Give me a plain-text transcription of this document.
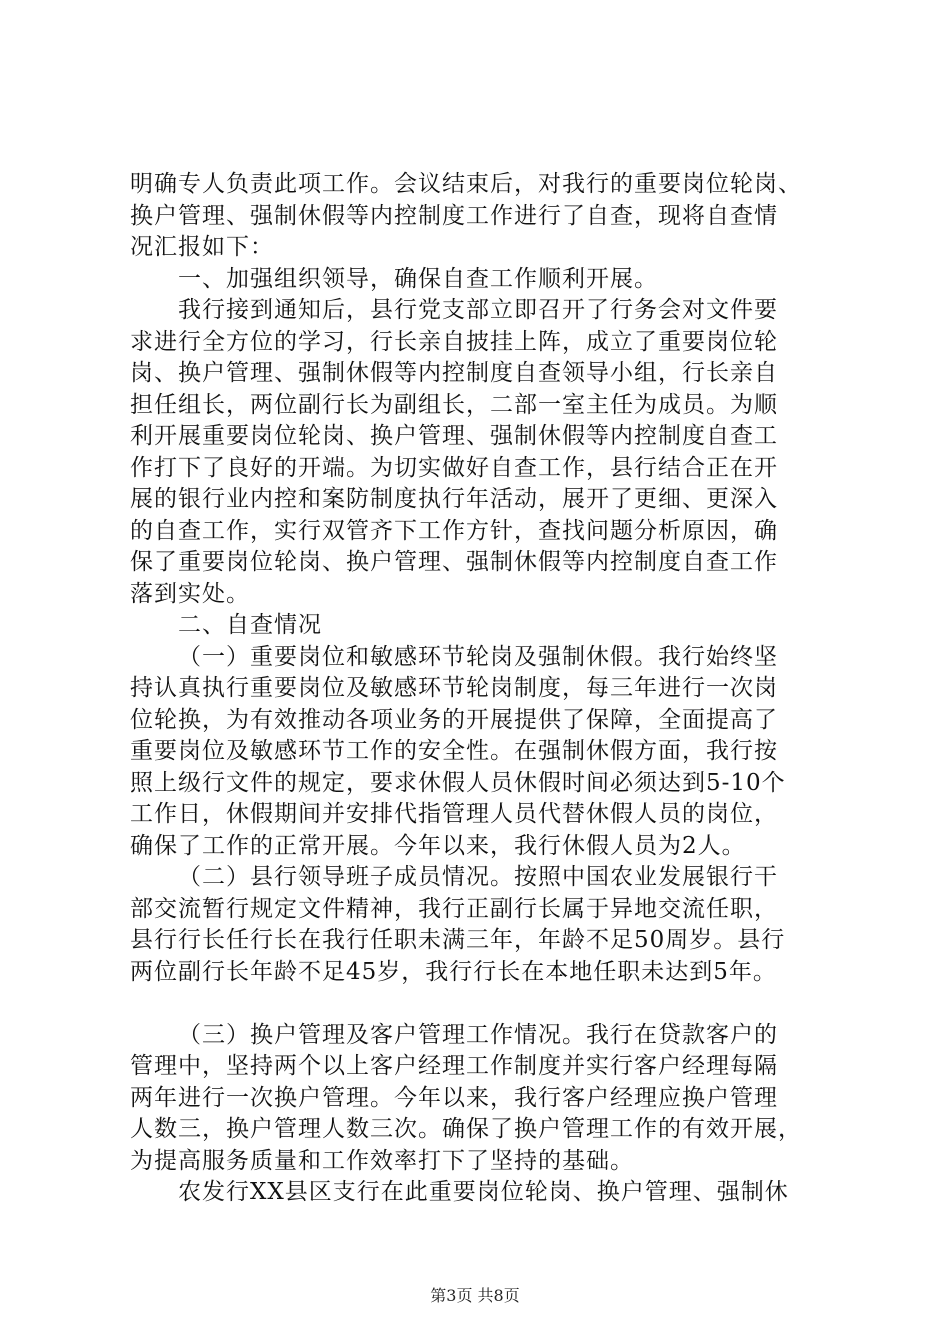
明确专人负责此项工作。会议结束后，对我行的重要岗位轮岗、
换户管理、强制休假等内控制度工作进行了自查，现将自查情
况汇报如下：
一、加强组织领导，确保自查工作顺利开展。
我行接到通知后，县行党支部立即召开了行务会对文件要
求进行全方位的学习，行长亲自披挂上阵，成立了重要岗位轮
岗、换户管理、强制休假等内控制度自查领导小组，行长亲自
担任组长，两位副行长为副组长，二部一室主任为成员。为顺
利开展重要岗位轮岗、换户管理、强制休假等内控制度自查工
作打下了良好的开端。为切实做好自查工作，县行结合正在开
展的银行业内控和案防制度执行年活动，展开了更细、更深入
的自查工作，实行双管齐下工作方针，查找问题分析原因，确
保了重要岗位轮岗、换户管理、强制休假等内控制度自查工作
落到实处。
二、自查情况
（一）重要岗位和敏感环节轮岗及强制休假。我行始终坚
持认真执行重要岗位及敏感环节轮岗制度，每三年进行一次岗
位轮换，为有效推动各项业务的开展提供了保障，全面提高了
重要岗位及敏感环节工作的安全性。在强制休假方面，我行按
照上级行文件的规定，要求休假人员休假时间必须达到5-10个
工作日，休假期间并安排代指管理人员代替休假人员的岗位，
确保了工作的正常开展。今年以来，我行休假人员为2人。
（二）县行领导班子成员情况。按照中国农业发展银行干
部交流暂行规定文件精神，我行正副行长属于异地交流任职，
县行行长任行长在我行任职未满三年，年龄不足50周岁。县行
两位副行长年龄不足45岁，我行行长在本地任职未达到5年。
（三）换户管理及客户管理工作情况。我行在贷款客户的
管理中，坚持两个以上客户经理工作制度并实行客户经理每隔
两年进行一次换户管理。今年以来，我行客户经理应换户管理
人数三，换户管理人数三次。确保了换户管理工作的有效开展，
为提高服务质量和工作效率打下了坚持的基础。
农发行XX县区支行在此重要岗位轮岗、换户管理、强制休
第3页 共8页
